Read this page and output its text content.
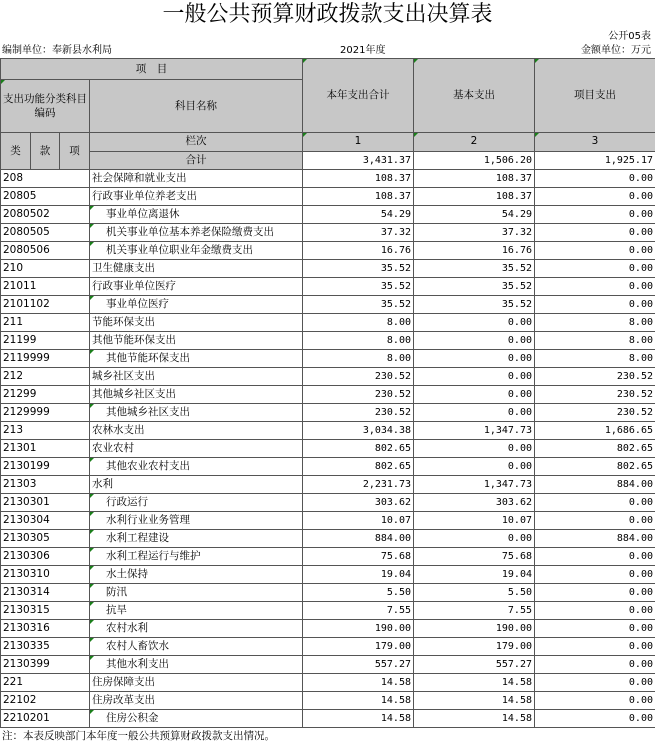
一般公共预算财政拨款支出决算表
公开05表
编制单位：奉新县水利局	2021年度	金额单位：万元
项　目				本年支出合计	基本支出	项目支出
支出功能分类科目编码			科目名称			

类	款	项	栏次	1	2	3
			合计	3,431.37	1,506.20	1,925.17
208			社会保障和就业支出	108.37	108.37	0.00
20805			行政事业单位养老支出	108.37	108.37	0.00
2080502			事业单位离退休	54.29	54.29	0.00
2080505			机关事业单位基本养老保险缴费支出	37.32	37.32	0.00
2080506			机关事业单位职业年金缴费支出	16.76	16.76	0.00
210			卫生健康支出	35.52	35.52	0.00
21011			行政事业单位医疗	35.52	35.52	0.00
2101102			事业单位医疗	35.52	35.52	0.00
211			节能环保支出	8.00	0.00	8.00
21199			其他节能环保支出	8.00	0.00	8.00
2119999			其他节能环保支出	8.00	0.00	8.00
212			城乡社区支出	230.52	0.00	230.52
21299			其他城乡社区支出	230.52	0.00	230.52
2129999			其他城乡社区支出	230.52	0.00	230.52
213			农林水支出	3,034.38	1,347.73	1,686.65
21301			农业农村	802.65	0.00	802.65
2130199			其他农业农村支出	802.65	0.00	802.65
21303			水利	2,231.73	1,347.73	884.00
2130301			行政运行	303.62	303.62	0.00
2130304			水利行业业务管理	10.07	10.07	0.00
2130305			水利工程建设	884.00	0.00	884.00
2130306			水利工程运行与维护	75.68	75.68	0.00
2130310			水土保持	19.04	19.04	0.00
2130314			防汛	5.50	5.50	0.00
2130315			抗旱	7.55	7.55	0.00
2130316			农村水利	190.00	190.00	0.00
2130335			农村人畜饮水	179.00	179.00	0.00
2130399			其他水利支出	557.27	557.27	0.00
221			住房保障支出	14.58	14.58	0.00
22102			住房改革支出	14.58	14.58	0.00
2210201			住房公积金	14.58	14.58	0.00
注：本表反映部门本年度一般公共预算财政拨款支出情况。
